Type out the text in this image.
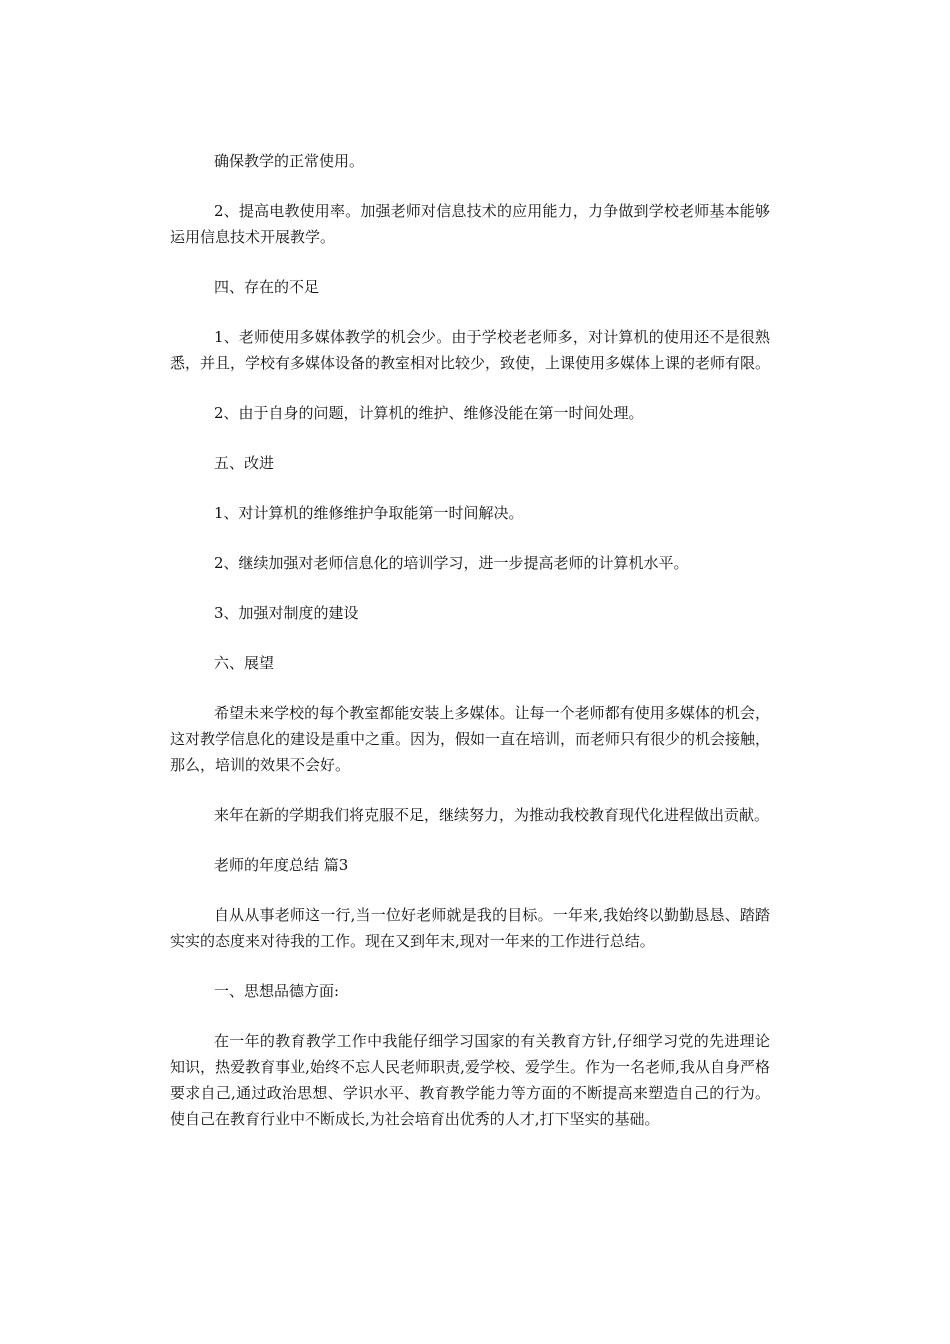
确保教学的正常使用。

2、提高电教使用率。加强老师对信息技术的应用能力，力争做到学校老师基本能够运用信息技术开展教学。

四、存在的不足

1、老师使用多媒体教学的机会少。由于学校老老师多，对计算机的使用还不是很熟悉，并且，学校有多媒体设备的教室相对比较少，致使，上课使用多媒体上课的老师有限。

2、由于自身的问题，计算机的维护、维修没能在第一时间处理。

五、改进

1、对计算机的维修维护争取能第一时间解决。

2、继续加强对老师信息化的培训学习，进一步提高老师的计算机水平。

3、加强对制度的建设

六、展望

希望未来学校的每个教室都能安装上多媒体。让每一个老师都有使用多媒体的机会，这对教学信息化的建设是重中之重。因为，假如一直在培训，而老师只有很少的机会接触，那么，培训的效果不会好。

来年在新的学期我们将克服不足，继续努力，为推动我校教育现代化进程做出贡献。

老师的年度总结 篇3

自从从事老师这一行,当一位好老师就是我的目标。一年来,我始终以勤勤恳恳、踏踏实实的态度来对待我的工作。现在又到年末,现对一年来的工作进行总结。

一、思想品德方面:

在一年的教育教学工作中我能仔细学习国家的有关教育方针,仔细学习党的先进理论知识，热爱教育事业,始终不忘人民老师职责,爱学校、爱学生。作为一名老师,我从自身严格要求自己,通过政治思想、学识水平、教育教学能力等方面的不断提高来塑造自己的行为。使自己在教育行业中不断成长,为社会培育出优秀的人才,打下坚实的基础。
